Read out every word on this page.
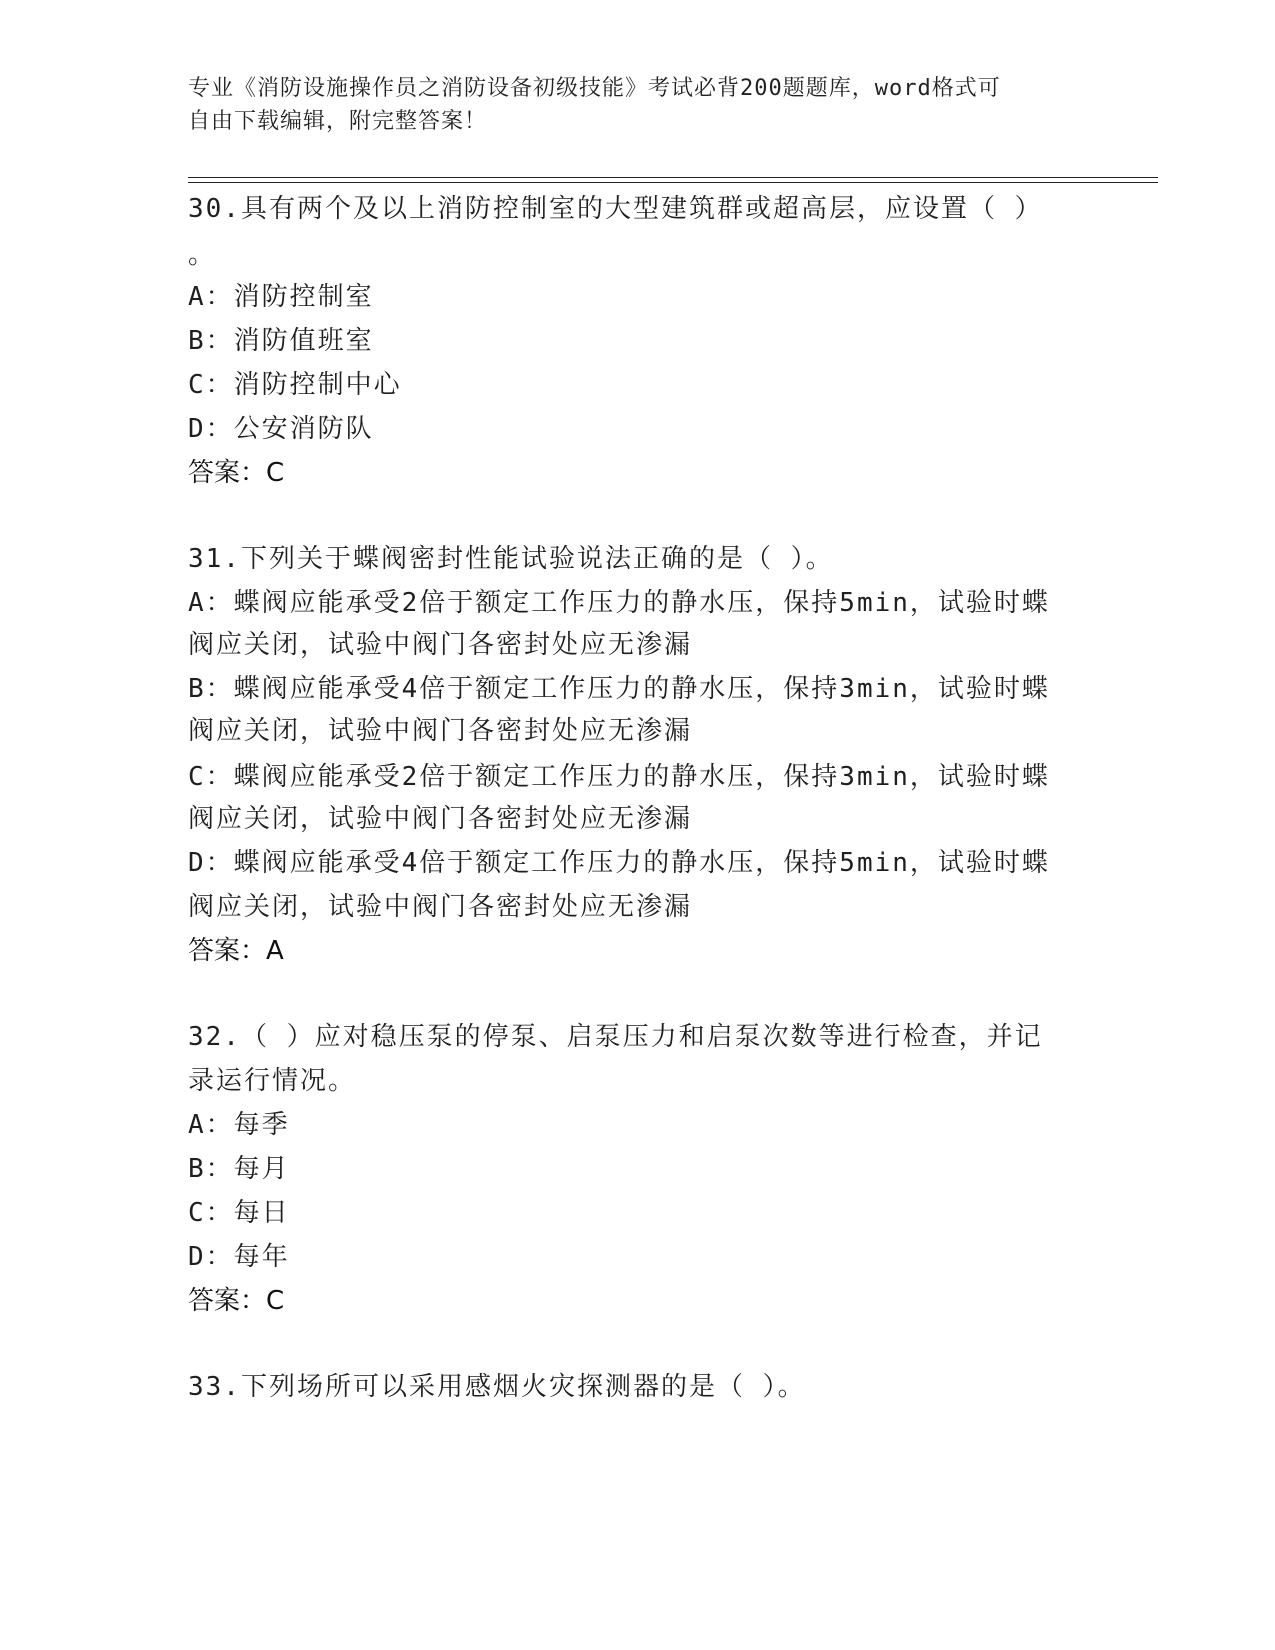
专业《消防设施操作员之消防设备初级技能》考试必背200题题库，word格式可
自由下载编辑，附完整答案！
30.具有两个及以上消防控制室的大型建筑群或超高层，应设置（ ）
。
A：消防控制室
B：消防值班室
C：消防控制中心
D：公安消防队
答案：C
31.下列关于蝶阀密封性能试验说法正确的是（ ）。
A：蝶阀应能承受2倍于额定工作压力的静水压，保持5min，试验时蝶
阀应关闭，试验中阀门各密封处应无渗漏
B：蝶阀应能承受4倍于额定工作压力的静水压，保持3min，试验时蝶
阀应关闭，试验中阀门各密封处应无渗漏
C：蝶阀应能承受2倍于额定工作压力的静水压，保持3min，试验时蝶
阀应关闭，试验中阀门各密封处应无渗漏
D：蝶阀应能承受4倍于额定工作压力的静水压，保持5min，试验时蝶
阀应关闭，试验中阀门各密封处应无渗漏
答案：A
32.（ ）应对稳压泵的停泵、启泵压力和启泵次数等进行检查，并记
录运行情况。
A：每季
B：每月
C：每日
D：每年
答案：C
33.下列场所可以采用感烟火灾探测器的是（ ）。
